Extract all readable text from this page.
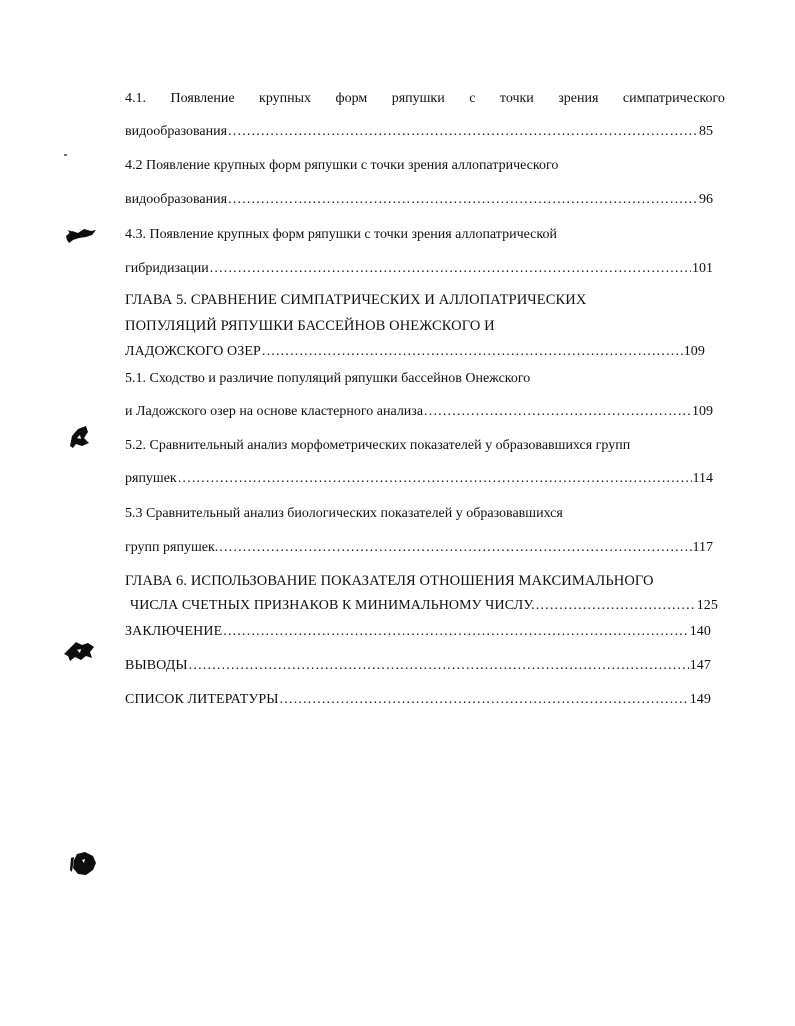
4.1. Появление крупных форм ряпушки с точки зрения симпатрического
видообразования .....	85
4.2 Появление крупных форм ряпушки с точки зрения аллопатрического
видообразования .....	96
4.3. Появление крупных форм ряпушки с точки зрения аллопатрической
гибридизации .....	101
ГЛАВА 5. СРАВНЕНИЕ СИМПАТРИЧЕСКИХ И АЛЛОПАТРИЧЕСКИХ
ПОПУЛЯЦИЙ РЯПУШКИ БАССЕЙНОВ ОНЕЖСКОГО И
ЛАДОЖСКОГО ОЗЕР .....	109
5.1. Сходство и различие популяций ряпушки бассейнов Онежского
и Ладожского озер на основе кластерного анализа .....	109
5.2. Сравнительный анализ морфометрических показателей у образовавшихся групп
ряпушек .....	114
5.3 Сравнительный анализ биологических показателей у образовавшихся
групп ряпушек. .....	117
ГЛАВА 6. ИСПОЛЬЗОВАНИЕ ПОКАЗАТЕЛЯ ОТНОШЕНИЯ МАКСИМАЛЬНОГО
ЧИСЛА СЧЕТНЫХ ПРИЗНАКОВ К МИНИМАЛЬНОМУ ЧИСЛУ. .....	125
ЗАКЛЮЧЕНИЕ .....	140
ВЫВОДЫ .....	147
СПИСОК ЛИТЕРАТУРЫ .....	149
